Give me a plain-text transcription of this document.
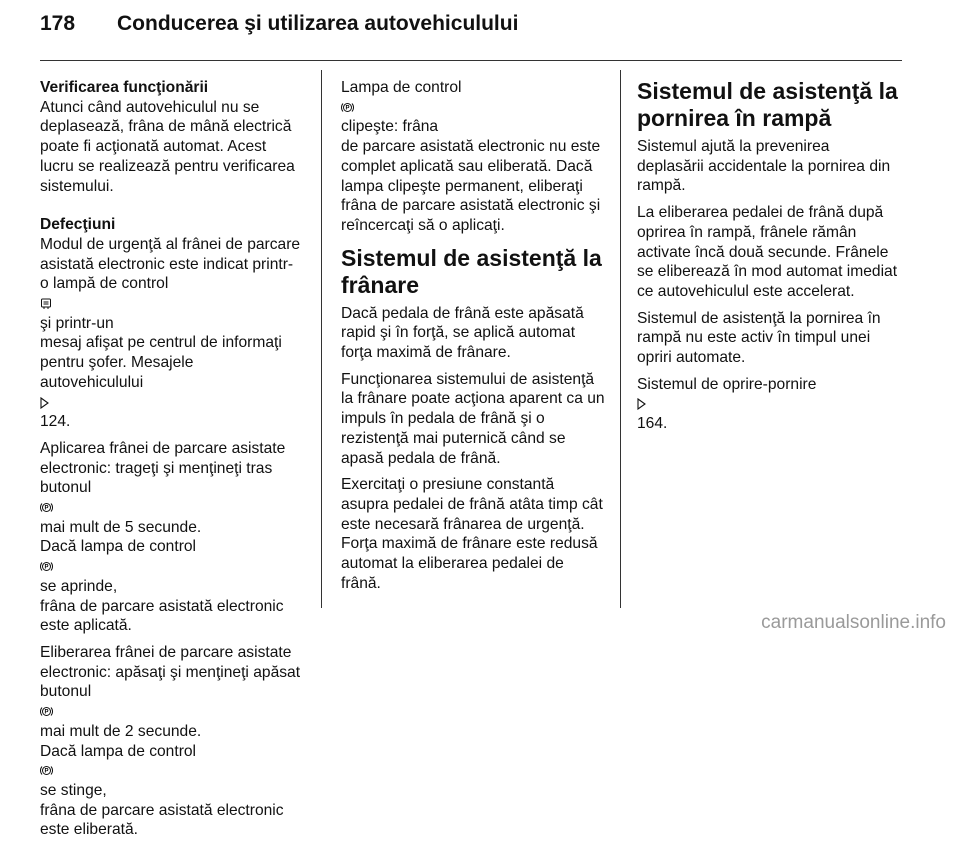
178 Conducerea şi utilizarea autovehiculului
Verificarea funcţionării
Atunci când autovehiculul nu se
deplasează, frâna de mână electrică
poate fi acţionată automat. Acest
lucru se realizează pentru verificarea
sistemului.
Defecţiuni
Modul de urgenţă al frânei de parcare
asistată electronic este indicat printr-
o lampă de control
şi printr-un
mesaj afişat pe centrul de informaţi
pentru şofer. Mesajele
autovehiculului
124.
Aplicarea frânei de parcare asistate
electronic: trageţi şi menţineţi tras
butonul
P
mai mult de 5 secunde.
Dacă lampa de control
P
se aprinde,
frâna de parcare asistată electronic
este aplicată.
Eliberarea frânei de parcare asistate
electronic: apăsaţi şi menţineţi apăsat
butonul
P
mai mult de 2 secunde.
Dacă lampa de control
P
se stinge,
frâna de parcare asistată electronic
este eliberată.
Lampa de control
P
clipeşte: frâna
de parcare asistată electronic nu este
complet aplicată sau eliberată. Dacă
lampa clipeşte permanent, eliberaţi
frâna de parcare asistată electronic şi
reîncercaţi să o aplicaţi.
Sistemul de asistenţă la
frânare
Dacă pedala de frână este apăsată
rapid şi în forţă, se aplică automat
forţa maximă de frânare.
Funcţionarea sistemului de asistenţă
la frânare poate acţiona aparent ca un
impuls în pedala de frână şi o
rezistenţă mai puternică când se
apasă pedala de frână.
Exercitaţi o presiune constantă
asupra pedalei de frână atâta timp cât
este necesară frânarea de urgenţă.
Forţa maximă de frânare este redusă
automat la eliberarea pedalei de
frână.
Sistemul de asistenţă la
pornirea în rampă
Sistemul ajută la prevenirea
deplasării accidentale la pornirea din
rampă.
La eliberarea pedalei de frână după
oprirea în rampă, frânele rămân
activate încă două secunde. Frânele
se eliberează în mod automat imediat
ce autovehiculul este accelerat.
Sistemul de asistenţă la pornirea în
rampă nu este activ în timpul unei
opriri automate.
Sistemul de oprire-pornire
164.
carmanualsonline.info
